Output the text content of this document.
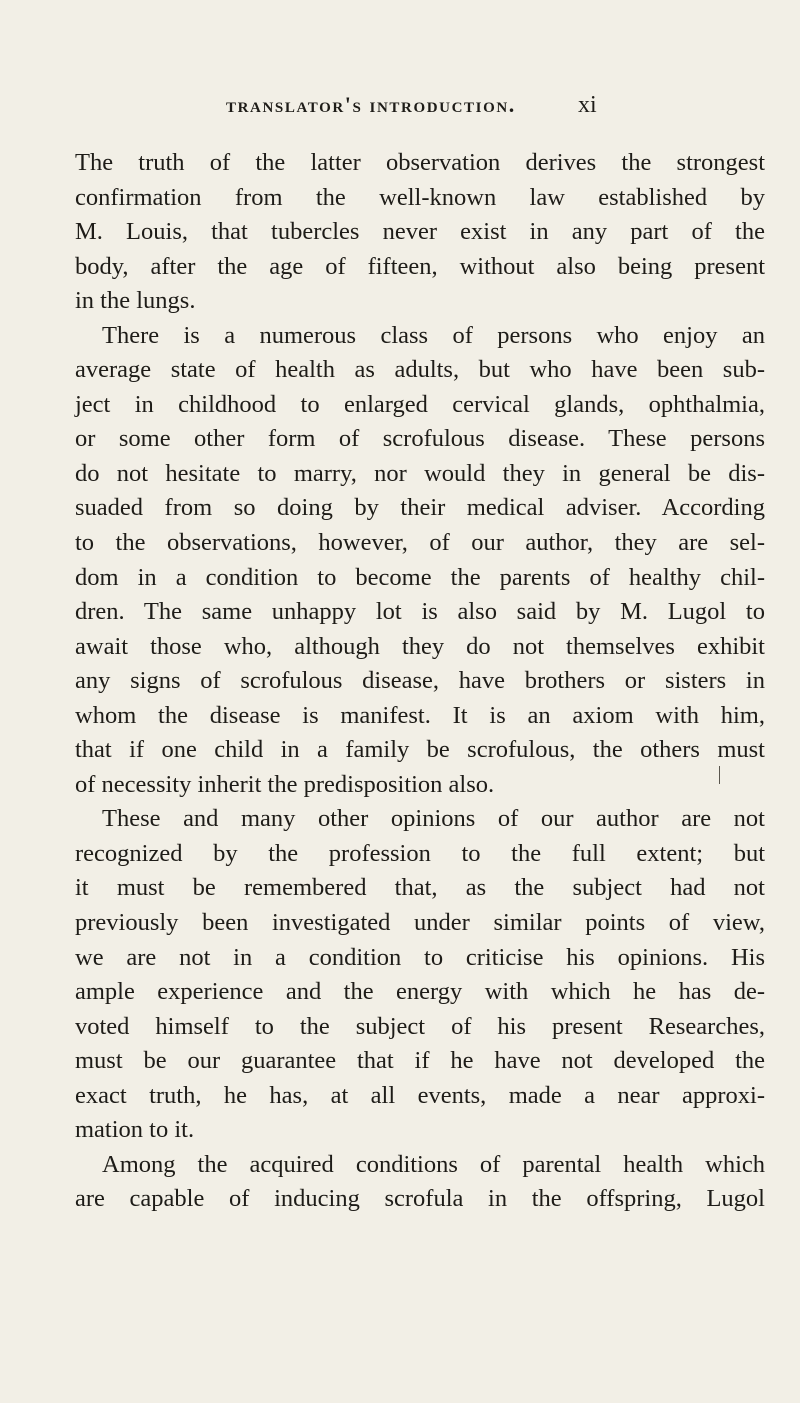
translator's introduction.	xi
The truth of the latter observation derives the strongest
confirmation from the well-known law established by
M. Louis, that tubercles never exist in any part of the
body, after the age of fifteen, without also being present
in the lungs.
There is a numerous class of persons who enjoy an
average state of health as adults, but who have been sub-
ject in childhood to enlarged cervical glands, ophthalmia,
or some other form of scrofulous disease. These persons
do not hesitate to marry, nor would they in general be dis-
suaded from so doing by their medical adviser. According
to the observations, however, of our author, they are sel-
dom in a condition to become the parents of healthy chil-
dren. The same unhappy lot is also said by M. Lugol to
await those who, although they do not themselves exhibit
any signs of scrofulous disease, have brothers or sisters in
whom the disease is manifest. It is an axiom with him,
that if one child in a family be scrofulous, the others must
of necessity inherit the predisposition also.
These and many other opinions of our author are not
recognized by the profession to the full extent; but
it must be remembered that, as the subject had not
previously been investigated under similar points of view,
we are not in a condition to criticise his opinions. His
ample experience and the energy with which he has de-
voted himself to the subject of his present Researches,
must be our guarantee that if he have not developed the
exact truth, he has, at all events, made a near approxi-
mation to it.
Among the acquired conditions of parental health which
are capable of inducing scrofula in the offspring, Lugol
